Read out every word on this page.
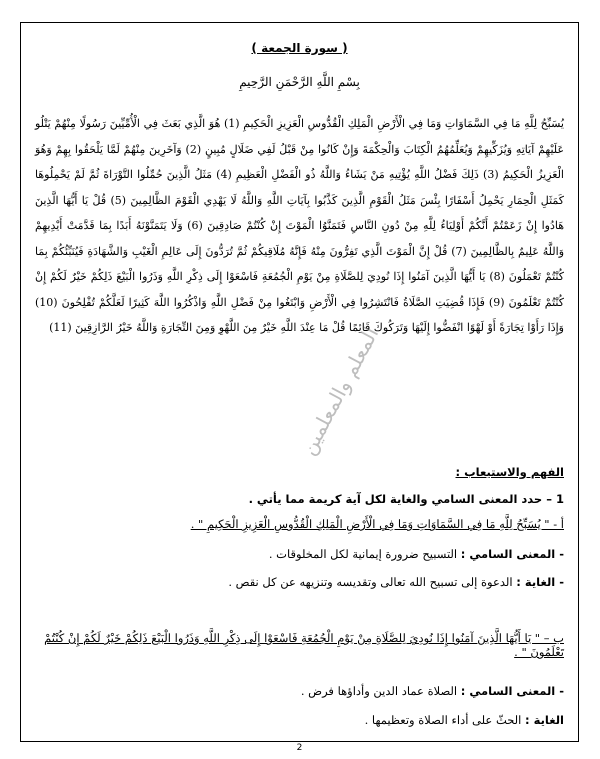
( سورة الجمعة )
بِسْمِ اللَّهِ الرَّحْمَنِ الرَّحِيمِ
يُسَبِّحُ لِلَّهِ مَا فِي السَّمَاوَاتِ وَمَا فِي الْأَرْضِ الْمَلِكِ الْقُدُّوسِ الْعَزِيزِ الْحَكِيمِ (1) هُوَ الَّذِي بَعَثَ فِي الْأُمِّيِّينَ رَسُولًا مِنْهُمْ يَتْلُو عَلَيْهِمْ آيَاتِهِ وَيُزَكِّيهِمْ وَيُعَلِّمُهُمُ الْكِتَابَ وَالْحِكْمَةَ وَإِنْ كَانُوا مِنْ قَبْلُ لَفِي ضَلَالٍ مُبِينٍ (2) وَآخَرِينَ مِنْهُمْ لَمَّا يَلْحَقُوا بِهِمْ وَهُوَ الْعَزِيزُ الْحَكِيمُ (3) ذَلِكَ فَضْلُ اللَّهِ يُؤْتِيهِ مَنْ يَشَاءُ وَاللَّهُ ذُو الْفَضْلِ الْعَظِيمِ (4) مَثَلُ الَّذِينَ حُمِّلُوا التَّوْرَاةَ ثُمَّ لَمْ يَحْمِلُوهَا كَمَثَلِ الْحِمَارِ يَحْمِلُ أَسْفَارًا بِئْسَ مَثَلُ الْقَوْمِ الَّذِينَ كَذَّبُوا بِآيَاتِ اللَّهِ وَاللَّهُ لَا يَهْدِي الْقَوْمَ الظَّالِمِينَ (5) قُلْ يَا أَيُّهَا الَّذِينَ هَادُوا إِنْ زَعَمْتُمْ أَنَّكُمْ أَوْلِيَاءُ لِلَّهِ مِنْ دُونِ النَّاسِ فَتَمَنَّوُا الْمَوْتَ إِنْ كُنْتُمْ صَادِقِينَ (6) وَلَا يَتَمَنَّوْنَهُ أَبَدًا بِمَا قَدَّمَتْ أَيْدِيهِمْ وَاللَّهُ عَلِيمٌ بِالظَّالِمِينَ (7) قُلْ إِنَّ الْمَوْتَ الَّذِي تَفِرُّونَ مِنْهُ فَإِنَّهُ مُلَاقِيكُمْ ثُمَّ تُرَدُّونَ إِلَى عَالِمِ الْغَيْبِ وَالشَّهَادَةِ فَيُنَبِّئُكُمْ بِمَا كُنْتُمْ تَعْمَلُونَ (8) يَا أَيُّهَا الَّذِينَ آمَنُوا إِذَا نُودِيَ لِلصَّلَاةِ مِنْ يَوْمِ الْجُمُعَةِ فَاسْعَوْا إِلَى ذِكْرِ اللَّهِ وَذَرُوا الْبَيْعَ ذَلِكُمْ خَيْرٌ لَكُمْ إِنْ كُنْتُمْ تَعْلَمُونَ (9) فَإِذَا قُضِيَتِ الصَّلَاةُ فَانْتَشِرُوا فِي الْأَرْضِ وَابْتَغُوا مِنْ فَضْلِ اللَّهِ وَاذْكُرُوا اللَّهَ كَثِيرًا لَعَلَّكُمْ تُفْلِحُونَ (10) وَإِذَا رَأَوْا تِجَارَةً أَوْ لَهْوًا انْفَضُّوا إِلَيْهَا وَتَرَكُوكَ قَائِمًا قُلْ مَا عِنْدَ اللَّهِ خَيْرٌ مِنَ اللَّهْوِ وَمِنَ التِّجَارَةِ وَاللَّهُ خَيْرُ الرَّازِقِينَ (11)
المعلم والمعلمين
الفهم والاستيعاب :
1 – حدد المعنى السامي والغاية لكل آية كريمة مما يأتي .
أ - " يُسَبِّحُ لِلَّهِ مَا فِي السَّمَاوَاتِ وَمَا فِي الْأَرْضِ الْمَلِكِ الْقُدُّوسِ الْعَزِيزِ الْحَكِيمِ " .
- المعنى السامي : التسبيح ضرورة إيمانية لكل المخلوقات .
- الغاية : الدعوة إلى تسبيح الله تعالى وتقديسه وتنزيهه عن كل نقص .
ب – " يَا أَيُّهَا الَّذِينَ آمَنُوا إِذَا نُودِيَ لِلصَّلَاةِ مِنْ يَوْمِ الْجُمُعَةِ فَاسْعَوْا إِلَى ذِكْرِ اللَّهِ وَذَرُوا الْبَيْعَ ذَلِكُمْ خَيْرٌ لَكُمْ إِنْ كُنْتُمْ تَعْلَمُونَ " .
- المعنى السامي : الصلاة عماد الدين وأداؤها فرض .
الغاية : الحثّ على أداء الصلاة وتعظيمها .
2
